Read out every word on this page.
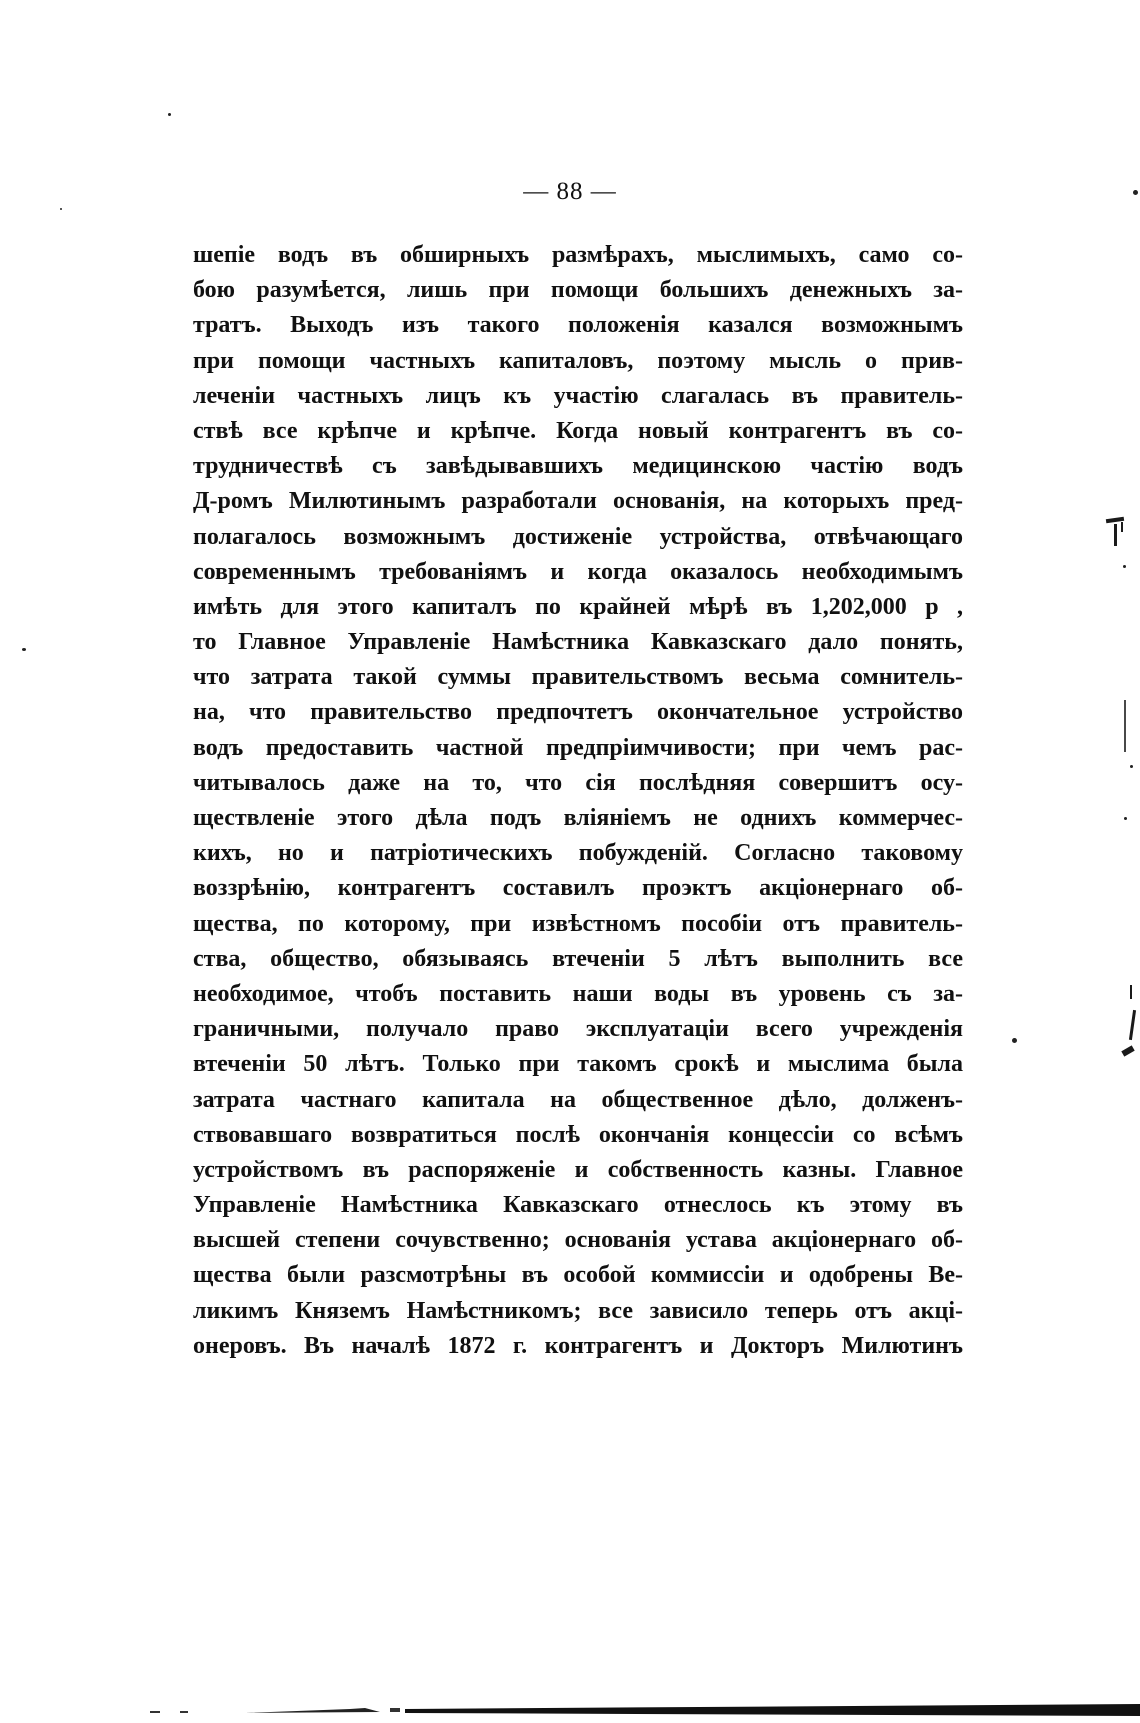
— 88 —
шепіе водъ въ обширныхъ размѣрахъ, мыслимыхъ, само со-
бою разумѣется, лишь при помощи большихъ денежныхъ за-
тратъ. Выходъ изъ такого положенія казался возможнымъ
при помощи частныхъ капиталовъ, поэтому мысль о прив-
леченіи частныхъ лицъ къ участію слагалась въ правитель-
ствѣ все крѣпче и крѣпче. Когда новый контрагентъ въ со-
трудничествѣ съ завѣдывавшихъ медицинскою частію водъ
Д-ромъ Милютинымъ разработали основанія, на которыхъ пред-
полагалось возможнымъ достиженіе устройства, отвѣчающаго
современнымъ требованіямъ и когда оказалось необходимымъ
имѣть для этого капиталъ по крайней мѣрѣ въ 1,202,000 р ,
то Главное Управленіе Намѣстника Кавказскаго дало понять,
что затрата такой суммы правительствомъ весьма сомнитель-
на, что правительство предпочтетъ окончательное устройство
водъ предоставить частной предпріимчивости; при чемъ рас-
читывалось даже на то, что сія послѣдняя совершитъ осу-
ществленіе этого дѣла подъ вліяніемъ не однихъ коммерчес-
кихъ, но и патріотическихъ побужденій. Согласно таковому
воззрѣнію, контрагентъ составилъ проэктъ акціонернаго об-
щества, по которому, при извѣстномъ пособіи отъ правитель-
ства, общество, обязываясь втеченіи 5 лѣтъ выполнить все
необходимое, чтобъ поставить наши воды въ уровень съ за-
граничными, получало право эксплуатаціи всего учрежденія
втеченіи 50 лѣтъ. Только при такомъ срокѣ и мыслима была
затрата частнаго капитала на общественное дѣло, долженъ-
ствовавшаго возвратиться послѣ окончанія концессіи со всѣмъ
устройствомъ въ распоряженіе и собственность казны. Главное
Управленіе Намѣстника Кавказскаго отнеслось къ этому въ
высшей степени сочувственно; основанія устава акціонернаго об-
щества были разсмотрѣны въ особой коммиссіи и одобрены Ве-
ликимъ Княземъ Намѣстникомъ; все зависило теперь отъ акці-
онеровъ. Въ началѣ 1872 г. контрагентъ и Докторъ Милютинъ
